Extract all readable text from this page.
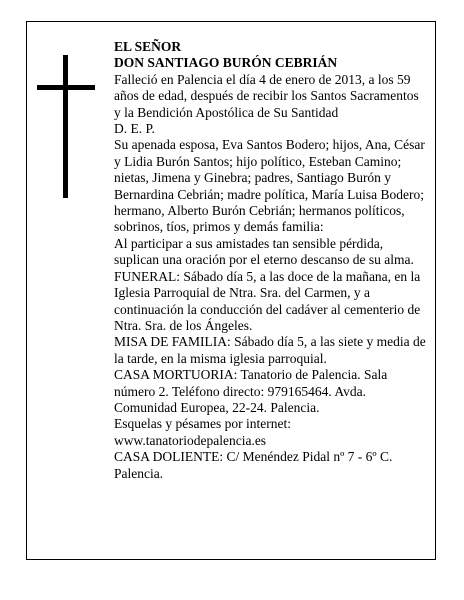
EL SEÑOR

DON SANTIAGO BURÓN CEBRIÁN

Falleció en Palencia el día 4 de enero de 2013, a los 59 años de edad, después de recibir los Santos Sacramentos y la Bendición Apostólica de Su Santidad

D. E. P.

Su apenada esposa, Eva Santos Bodero; hijos, Ana, César y Lidia Burón Santos; hijo político, Esteban Camino; nietas, Jimena y Ginebra; padres, Santiago Burón y Bernardina Cebrián; madre política, María Luisa Bodero; hermano, Alberto Burón Cebrián; hermanos políticos, sobrinos, tíos, primos y demás familia:

Al participar a sus amistades tan sensible pérdida, suplican una oración por el eterno descanso de su alma.

FUNERAL: Sábado día 5, a las doce de la mañana, en la Iglesia Parroquial de Ntra. Sra. del Carmen, y a continuación la conducción del cadáver al cementerio de Ntra. Sra. de los Ángeles.

MISA DE FAMILIA: Sábado día 5, a las siete y media de la tarde, en la misma iglesia parroquial.

CASA MORTUORIA: Tanatorio de Palencia. Sala número 2. Teléfono directo: 979165464. Avda. Comunidad Europea, 22-24. Palencia.

Esquelas y pésames por internet:

www.tanatoriodepalencia.es

CASA DOLIENTE: C/ Menéndez Pidal nº 7 - 6º C. Palencia.
